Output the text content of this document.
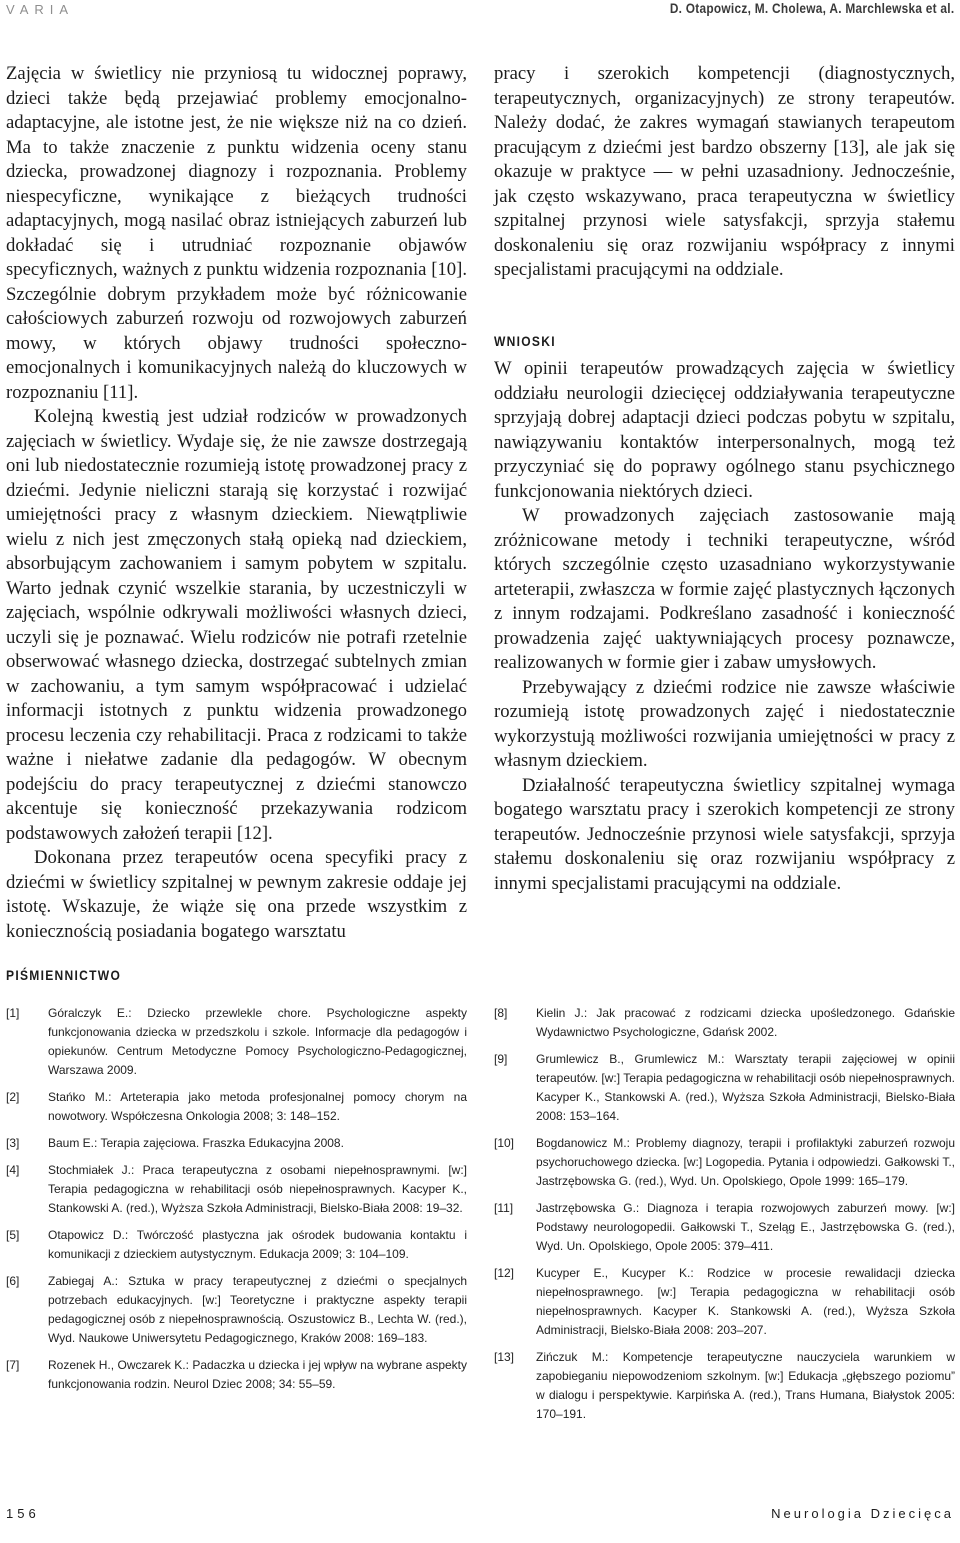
VARIA	D. Otapowicz, M. Cholewa, A. Marchlewska et al.

Zajęcia w świetlicy nie przyniosą tu widocznej poprawy, dzieci także będą przejawiać problemy emocjonalno-adaptacyjne, ale istotne jest, że nie większe niż na co dzień. Ma to także znaczenie z punktu widzenia oceny stanu dziecka, prowadzonej diagnozy i rozpoznania. Problemy niespecyficzne, wynikające z bieżących trudności adaptacyjnych, mogą nasilać obraz istniejących zaburzeń lub dokładać się i utrudniać rozpoznanie objawów specyficznych, ważnych z punktu widzenia rozpoznania [10]. Szczególnie dobrym przykładem może być różnicowanie całościowych zaburzeń rozwoju od rozwojowych zaburzeń mowy, w których objawy trudności społeczno-emocjonalnych i komunikacyjnych należą do kluczowych w rozpoznaniu [11].

Kolejną kwestią jest udział rodziców w prowadzonych zajęciach w świetlicy. Wydaje się, że nie zawsze dostrzegają oni lub niedostatecznie rozumieją istotę prowadzonej pracy z dziećmi. Jedynie nieliczni starają się korzystać i rozwijać umiejętności pracy z własnym dzieckiem. Niewątpliwie wielu z nich jest zmęczonych stałą opieką nad dzieckiem, absorbującym zachowaniem i samym pobytem w szpitalu. Warto jednak czynić wszelkie starania, by uczestniczyli w zajęciach, wspólnie odkrywali możliwości własnych dzieci, uczyli się je poznawać. Wielu rodziców nie potrafi rzetelnie obserwować własnego dziecka, dostrzegać subtelnych zmian w zachowaniu, a tym samym współpracować i udzielać informacji istotnych z punktu widzenia prowadzonego procesu leczenia czy rehabilitacji. Praca z rodzicami to także ważne i niełatwe zadanie dla pedagogów. W obecnym podejściu do pracy terapeutycznej z dziećmi stanowczo akcentuje się konieczność przekazywania rodzicom podstawowych założeń terapii [12].

Dokonana przez terapeutów ocena specyfiki pracy z dziećmi w świetlicy szpitalnej w pewnym zakresie oddaje jej istotę. Wskazuje, że wiąże się ona przede wszystkim z koniecznością posiadania bogatego warsztatu

pracy i szerokich kompetencji (diagnostycznych, terapeutycznych, organizacyjnych) ze strony terapeutów. Należy dodać, że zakres wymagań stawianych terapeutom pracującym z dziećmi jest bardzo obszerny [13], ale jak się okazuje w praktyce — w pełni uzasadniony. Jednocześnie, jak często wskazywano, praca terapeutyczna w świetlicy szpitalnej przynosi wiele satysfakcji, sprzyja stałemu doskonaleniu się oraz rozwijaniu współpracy z innymi specjalistami pracującymi na oddziale.

WNIOSKI

W opinii terapeutów prowadzących zajęcia w świetlicy oddziału neurologii dziecięcej oddziaływania terapeutyczne sprzyjają dobrej adaptacji dzieci podczas pobytu w szpitalu, nawiązywaniu kontaktów interpersonalnych, mogą też przyczyniać się do poprawy ogólnego stanu psychicznego funkcjonowania niektórych dzieci.

W prowadzonych zajęciach zastosowanie mają zróżnicowane metody i techniki terapeutyczne, wśród których szczególnie często uzasadniano wykorzystywanie arteterapii, zwłaszcza w formie zajęć plastycznych łączonych z innym rodzajami. Podkreślano zasadność i konieczność prowadzenia zajęć uaktywniających procesy poznawcze, realizowanych w formie gier i zabaw umysłowych.

Przebywający z dziećmi rodzice nie zawsze właściwie rozumieją istotę prowadzonych zajęć i niedostatecznie wykorzystują możliwości rozwijania umiejętności w pracy z własnym dzieckiem.

Działalność terapeutyczna świetlicy szpitalnej wymaga bogatego warsztatu pracy i szerokich kompetencji ze strony terapeutów. Jednocześnie przynosi wiele satysfakcji, sprzyja stałemu doskonaleniu się oraz rozwijaniu współpracy z innymi specjalistami pracującymi na oddziale.

PIŚMIENNICTWO
[1]	Góralczyk E.: Dziecko przewlekle chore. Psychologiczne aspekty funkcjonowania dziecka w przedszkolu i szkole. Informacje dla pedagogów i opiekunów. Centrum Metodyczne Pomocy Psychologiczno-Pedagogicznej, Warszawa 2009.
[2]	Stańko M.: Arteterapia jako metoda profesjonalnej pomocy chorym na nowotwory. Współczesna Onkologia 2008; 3: 148–152.
[3]	Baum E.: Terapia zajęciowa. Fraszka Edukacyjna 2008.
[4]	Stochmiałek J.: Praca terapeutyczna z osobami niepełnosprawnymi. [w:] Terapia pedagogiczna w rehabilitacji osób niepełnosprawnych. Kacyper K., Stankowski A. (red.), Wyższa Szkoła Administracji, Bielsko-Biała 2008: 19–32.
[5]	Otapowicz D.: Twórczość plastyczna jak ośrodek budowania kontaktu i komunikacji z dzieckiem autystycznym. Edukacja 2009; 3: 104–109.
[6]	Zabiegaj A.: Sztuka w pracy terapeutycznej z dziećmi o specjalnych potrzebach edukacyjnych. [w:] Teoretyczne i praktyczne aspekty terapii pedagogicznej osób z niepełnosprawnością. Oszustowicz B., Lechta W. (red.), Wyd. Naukowe Uniwersytetu Pedagogicznego, Kraków 2008: 169–183.
[7]	Rozenek H., Owczarek K.: Padaczka u dziecka i jej wpływ na wybrane aspekty funkcjonowania rodzin. Neurol Dziec 2008; 34: 55–59.
[8]	Kielin J.: Jak pracować z rodzicami dziecka upośledzonego. Gdańskie Wydawnictwo Psychologiczne, Gdańsk 2002.
[9]	Grumlewicz B., Grumlewicz M.: Warsztaty terapii zajęciowej w opinii terapeutów. [w:] Terapia pedagogiczna w rehabilitacji osób niepełnosprawnych. Kacyper K., Stankowski A. (red.), Wyższa Szkoła Administracji, Bielsko-Biała 2008: 153–164.
[10]	Bogdanowicz M.: Problemy diagnozy, terapii i profilaktyki zaburzeń rozwoju psychoruchowego dziecka. [w:] Logopedia. Pytania i odpowiedzi. Gałkowski T., Jastrzębowska G. (red.), Wyd. Un. Opolskiego, Opole 1999: 165–179.
[11]	Jastrzębowska G.: Diagnoza i terapia rozwojowych zaburzeń mowy. [w:] Podstawy neurologopedii. Gałkowski T., Szeląg E., Jastrzębowska G. (red.), Wyd. Un. Opolskiego, Opole 2005: 379–411.
[12]	Kucyper E., Kucyper K.: Rodzice w procesie rewalidacji dziecka niepełnosprawnego. [w:] Terapia pedagogiczna w rehabilitacji osób niepełnosprawnych. Kacyper K. Stankowski A. (red.), Wyższa Szkoła Administracji, Bielsko-Biała 2008: 203–207.
[13]	Zińczuk M.: Kompetencje terapeutyczne nauczyciela warunkiem w zapobieganiu niepowodzeniom szkolnym. [w:] Edukacja „głębszego poziomu” w dialogu i perspektywie. Karpińska A. (red.), Trans Humana, Białystok 2005: 170–191.
156	Neurologia Dziecięca
